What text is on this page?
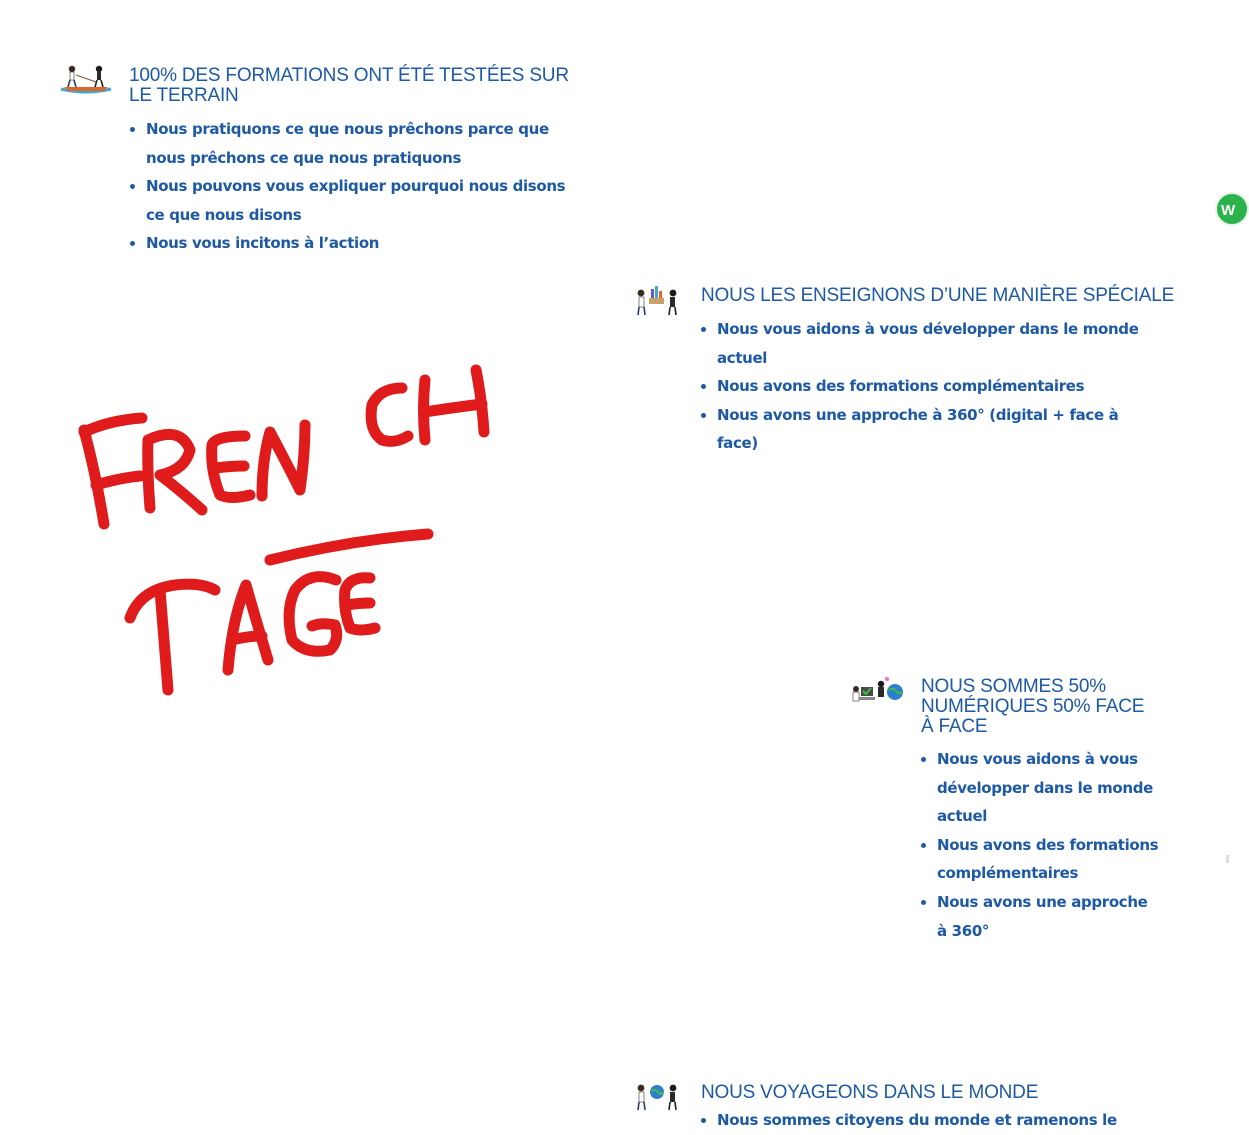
100% DES FORMATIONS ONT ÉTÉ TESTÉES SUR LE TERRAIN
• Nous pratiquons ce que nous prêchons parce que nous prêchons ce que nous pratiquons
• Nous pouvons vous expliquer pourquoi nous disons ce que nous disons
• Nous vous incitons à l’action
NOUS LES ENSEIGNONS D’UNE MANIÈRE SPÉCIALE
• Nous vous aidons à vous développer dans le monde actuel
• Nous avons des formations complémentaires
• Nous avons une approche à 360° (digital + face à face)
NOUS SOMMES 50% NUMÉRIQUES 50% FACE À FACE
• Nous vous aidons à vous développer dans le monde actuel
• Nous avons des formations complémentaires
• Nous avons une approche à 360°
NOUS VOYAGEONS DANS LE MONDE
• Nous sommes citoyens du monde et ramenons le
W
